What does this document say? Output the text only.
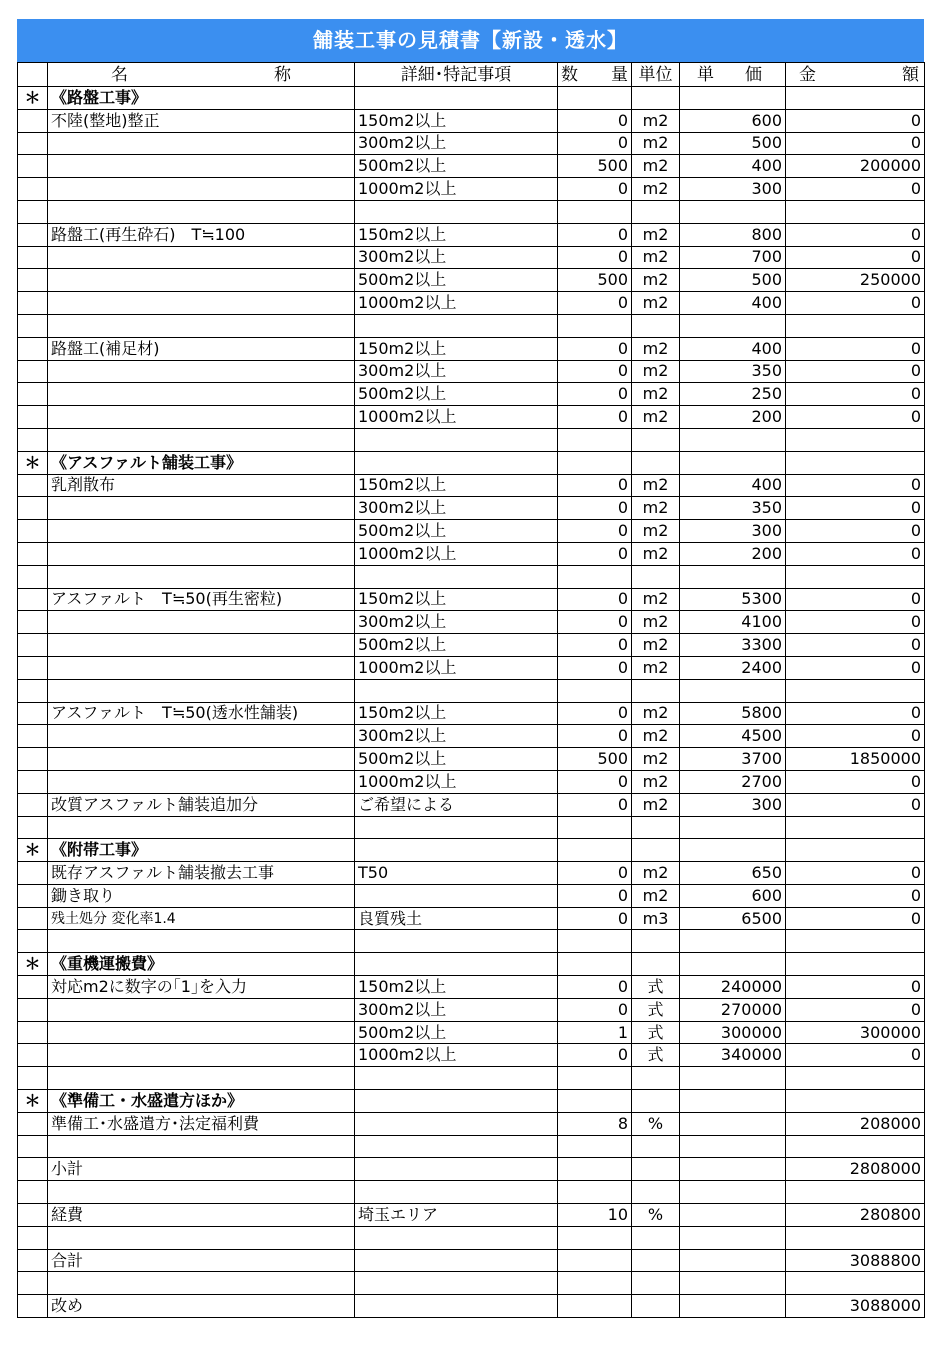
舗装工事の見積書【新設・透水】

	名 称	詳細･特記事項	数 量	単位	単 価	金 額

＊	《路盤工事》					
	不陸(整地)整正	150m2以上	0	m2	600	0
		300m2以上	0	m2	500	0
		500m2以上	500	m2	400	200000
		1000m2以上	0	m2	300	0

	路盤工(再生砕石)　T≒100	150m2以上	0	m2	800	0
		300m2以上	0	m2	700	0
		500m2以上	500	m2	500	250000
		1000m2以上	0	m2	400	0

	路盤工(補足材)	150m2以上	0	m2	400	0
		300m2以上	0	m2	350	0
		500m2以上	0	m2	250	0
		1000m2以上	0	m2	200	0

＊	《アスファルト舗装工事》					
	乳剤散布	150m2以上	0	m2	400	0
		300m2以上	0	m2	350	0
		500m2以上	0	m2	300	0
		1000m2以上	0	m2	200	0

	アスファルト　T≒50(再生密粒)	150m2以上	0	m2	5300	0
		300m2以上	0	m2	4100	0
		500m2以上	0	m2	3300	0
		1000m2以上	0	m2	2400	0

	アスファルト　T≒50(透水性舗装)	150m2以上	0	m2	5800	0
		300m2以上	0	m2	4500	0
		500m2以上	500	m2	3700	1850000
		1000m2以上	0	m2	2700	0
	改質アスファルト舗装追加分	ご希望による	0	m2	300	0

＊	《附帯工事》					
	既存アスファルト舗装撤去工事	T50	0	m2	650	0
	鋤き取り		0	m2	600	0
	残土処分 変化率1.4	良質残土	0	m3	6500	0

＊	《重機運搬費》					
	対応m2に数字の｢1｣を入力	150m2以上	0	式	240000	0
		300m2以上	0	式	270000	0
		500m2以上	1	式	300000	300000
		1000m2以上	0	式	340000	0

＊	《準備工・水盛遣方ほか》					
	準備工･水盛遣方･法定福利費		8	%		208000

	小計					2808000

	経費	埼玉エリア	10	%		280800

	合計					3088800

	改め					3088000
